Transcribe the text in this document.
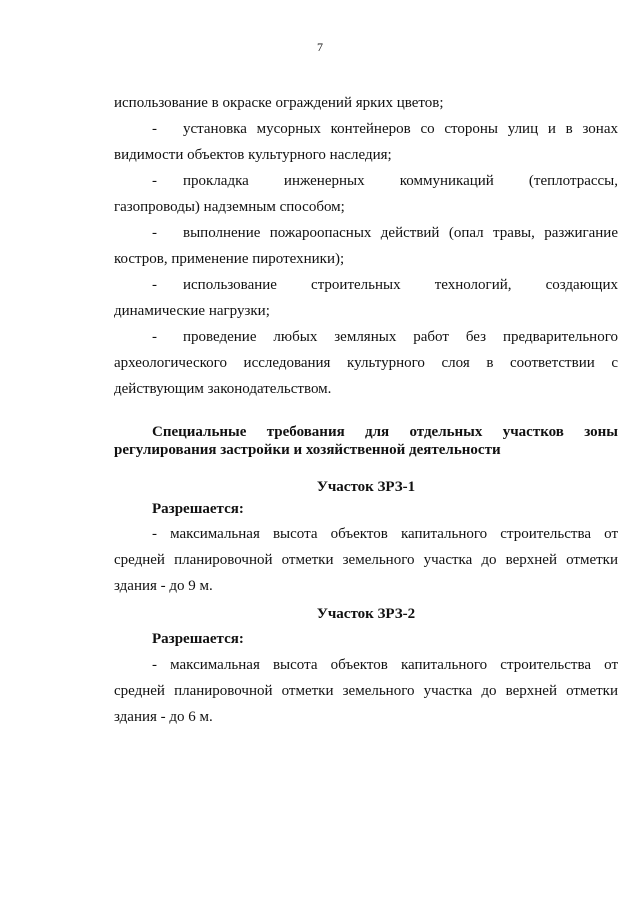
7
использование в окраске ограждений ярких цветов;
- установка мусорных контейнеров со стороны улиц и в зонах
видимости объектов культурного наследия;
- прокладка инженерных коммуникаций (теплотрассы,
газопроводы) надземным способом;
- выполнение пожароопасных действий (опал травы, разжигание
костров, применение пиротехники);
- использование строительных технологий, создающих
динамические нагрузки;
- проведение любых земляных работ без предварительного
археологического исследования культурного слоя в соответствии с
действующим законодательством.
Специальные требования для отдельных участков зоны
регулирования застройки и хозяйственной деятельности
Участок ЗРЗ-1
Разрешается:
- максимальная высота объектов капитального строительства от
средней планировочной отметки земельного участка до верхней отметки
здания - до 9 м.
Участок ЗРЗ-2
Разрешается:
- максимальная высота объектов капитального строительства от
средней планировочной отметки земельного участка до верхней отметки
здания - до 6 м.
